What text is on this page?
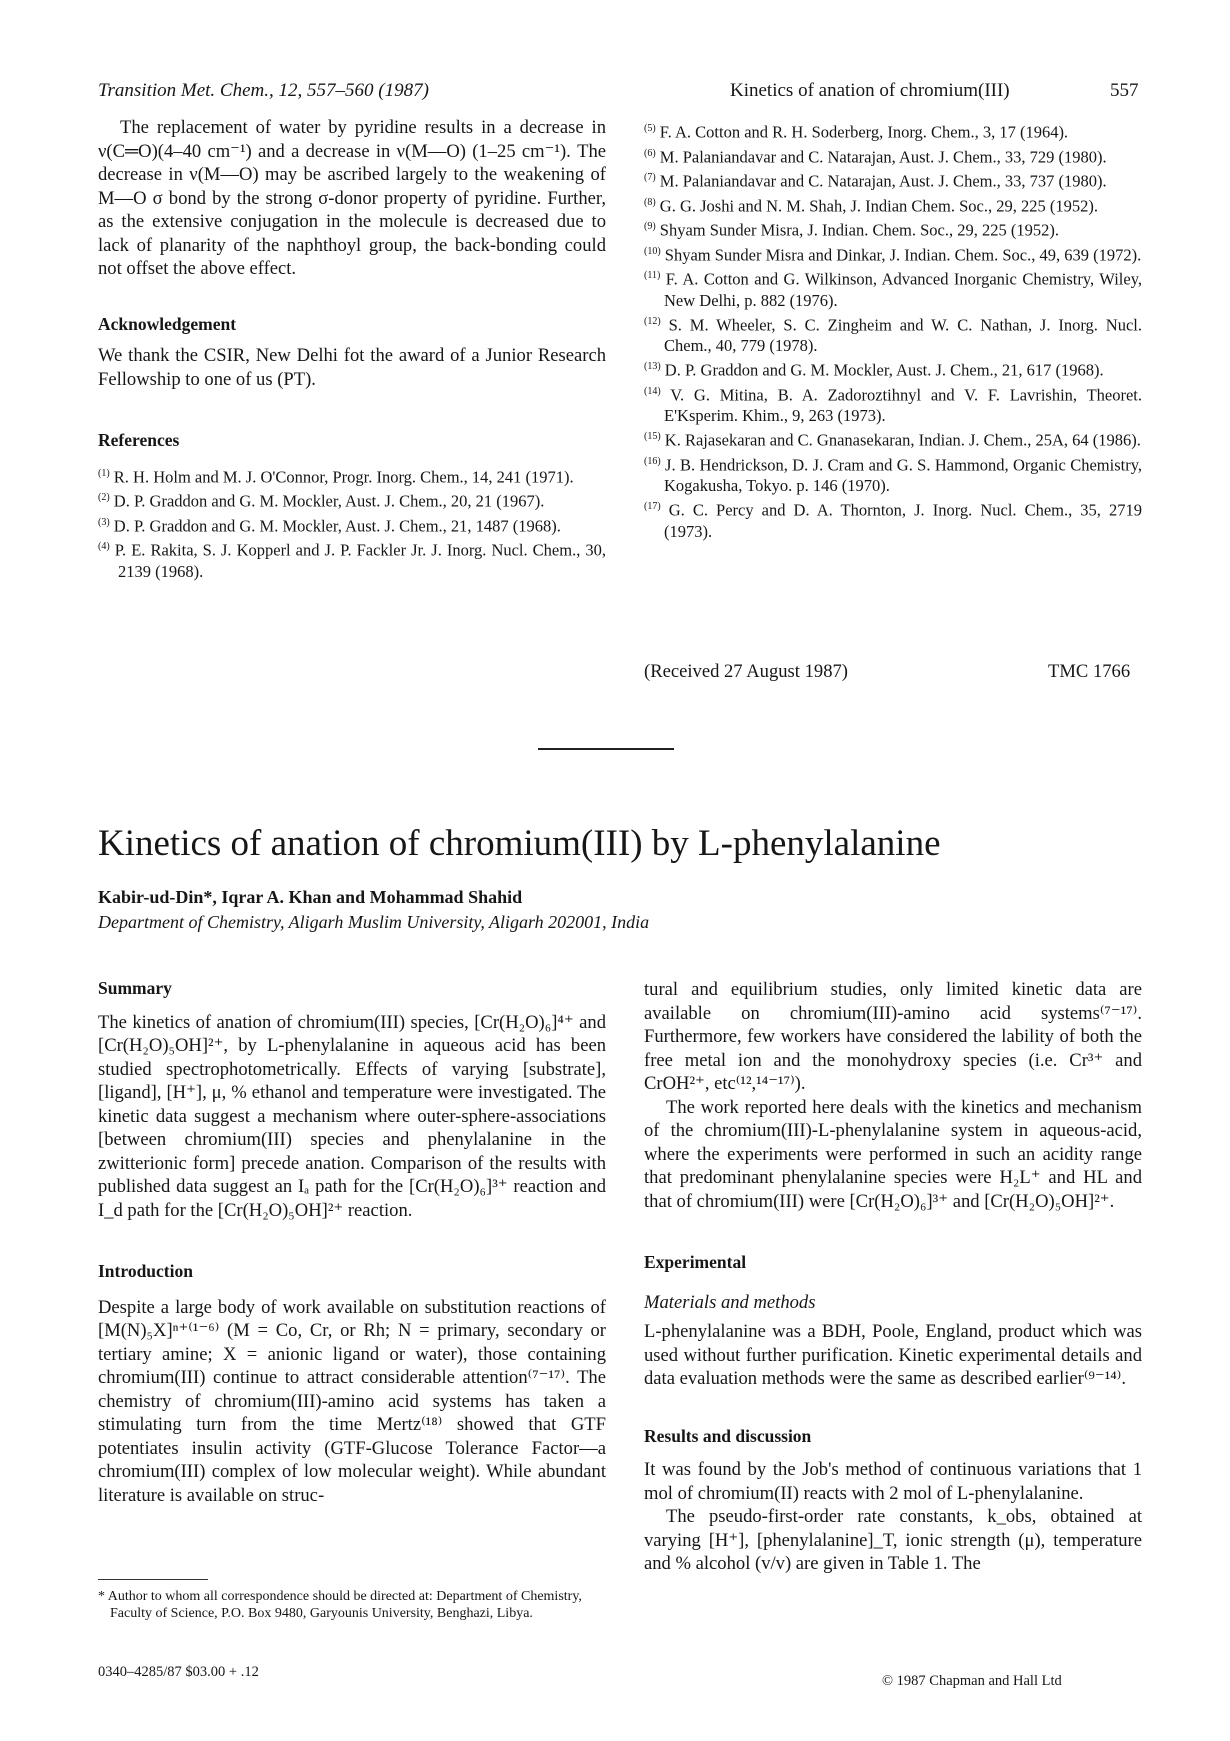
Transition Met. Chem., 12, 557–560 (1987)	Kinetics of anation of chromium(III)	557

The replacement of water by pyridine results in a decrease in ν(C═O)(4–40 cm⁻¹) and a decrease in ν(M—O) (1–25 cm⁻¹). The decrease in ν(M—O) may be ascribed largely to the weakening of M—O σ bond by the strong σ-donor property of pyridine. Further, as the extensive conjugation in the molecule is decreased due to lack of planarity of the naphthoyl group, the back-bonding could not offset the above effect.

Acknowledgement

We thank the CSIR, New Delhi fot the award of a Junior Research Fellowship to one of us (PT).

References

$^{(1)}$ R. H. Holm and M. J. O'Connor, Progr. Inorg. Chem., 14, 241 (1971).

$^{(2)}$ D. P. Graddon and G. M. Mockler, Aust. J. Chem., 20, 21 (1967).

$^{(3)}$ D. P. Graddon and G. M. Mockler, Aust. J. Chem., 21, 1487 (1968).

$^{(4)}$ P. E. Rakita, S. J. Kopperl and J. P. Fackler Jr. J. Inorg. Nucl. Chem., 30, 2139 (1968).

$^{(5)}$ F. A. Cotton and R. H. Soderberg, Inorg. Chem., 3, 17 (1964).

$^{(6)}$ M. Palaniandavar and C. Natarajan, Aust. J. Chem., 33, 729 (1980).

$^{(7)}$ M. Palaniandavar and C. Natarajan, Aust. J. Chem., 33, 737 (1980).

$^{(8)}$ G. G. Joshi and N. M. Shah, J. Indian Chem. Soc., 29, 225 (1952).

$^{(9)}$ Shyam Sunder Misra, J. Indian. Chem. Soc., 29, 225 (1952).

$^{(10)}$ Shyam Sunder Misra and Dinkar, J. Indian. Chem. Soc., 49, 639 (1972).

$^{(11)}$ F. A. Cotton and G. Wilkinson, Advanced Inorganic Chemistry, Wiley, New Delhi, p. 882 (1976).

$^{(12)}$ S. M. Wheeler, S. C. Zingheim and W. C. Nathan, J. Inorg. Nucl. Chem., 40, 779 (1978).

$^{(13)}$ D. P. Graddon and G. M. Mockler, Aust. J. Chem., 21, 617 (1968).

$^{(14)}$ V. G. Mitina, B. A. Zadoroztihnyl and V. F. Lavrishin, Theoret. E'Ksperim. Khim., 9, 263 (1973).

$^{(15)}$ K. Rajasekaran and C. Gnanasekaran, Indian. J. Chem., 25A, 64 (1986).

$^{(16)}$ J. B. Hendrickson, D. J. Cram and G. S. Hammond, Organic Chemistry, Kogakusha, Tokyo. p. 146 (1970).

$^{(17)}$ G. C. Percy and D. A. Thornton, J. Inorg. Nucl. Chem., 35, 2719 (1973).

(Received 27 August 1987)	TMC 1766
Kinetics of anation of chromium(III) by L-phenylalanine
Kabir-ud-Din*, Iqrar A. Khan and Mohammad Shahid
Department of Chemistry, Aligarh Muslim University, Aligarh 202001, India
Summary

The kinetics of anation of chromium(III) species, [Cr(H₂O)₆]⁴⁺ and [Cr(H₂O)₅OH]²⁺, by L-phenylalanine in aqueous acid has been studied spectrophotometrically. Effects of varying [substrate], [ligand], [H⁺], μ, % ethanol and temperature were investigated. The kinetic data suggest a mechanism where outer-sphere-associations [between chromium(III) species and phenylalanine in the zwitterionic form] precede anation. Comparison of the results with published data suggest an Iₐ path for the [Cr(H₂O)₆]³⁺ reaction and I_d path for the [Cr(H₂O)₅OH]²⁺ reaction.

Introduction

Despite a large body of work available on substitution reactions of [M(N)₅X]ⁿ⁺⁽¹⁻⁶⁾ (M = Co, Cr, or Rh; N = primary, secondary or tertiary amine; X = anionic ligand or water), those containing chromium(III) continue to attract considerable attention⁽⁷⁻¹⁷⁾. The chemistry of chromium(III)-amino acid systems has taken a stimulating turn from the time Mertz⁽¹⁸⁾ showed that GTF potentiates insulin activity (GTF-Glucose Tolerance Factor—a chromium(III) complex of low molecular weight). While abundant literature is available on struc-

* Author to whom all correspondence should be directed at: Department of Chemistry, Faculty of Science, P.O. Box 9480, Garyounis University, Benghazi, Libya.

tural and equilibrium studies, only limited kinetic data are available on chromium(III)-amino acid systems⁽⁷⁻¹⁷⁾. Furthermore, few workers have considered the lability of both the free metal ion and the monohydroxy species (i.e. Cr³⁺ and CrOH²⁺, etc⁽¹²,¹⁴⁻¹⁷⁾).

The work reported here deals with the kinetics and mechanism of the chromium(III)-L-phenylalanine system in aqueous-acid, where the experiments were performed in such an acidity range that predominant phenylalanine species were H₂L⁺ and HL and that of chromium(III) were [Cr(H₂O)₆]³⁺ and [Cr(H₂O)₅OH]²⁺.

Experimental

Materials and methods

L-phenylalanine was a BDH, Poole, England, product which was used without further purification. Kinetic experimental details and data evaluation methods were the same as described earlier⁽⁹⁻¹⁴⁾.

Results and discussion

It was found by the Job's method of continuous variations that 1 mol of chromium(II) reacts with 2 mol of L-phenylalanine.

The pseudo-first-order rate constants, k_obs, obtained at varying [H⁺], [phenylalanine]_T, ionic strength (μ), temperature and % alcohol (v/v) are given in Table 1. The

0340–4285/87 $03.00 + .12
© 1987 Chapman and Hall Ltd
